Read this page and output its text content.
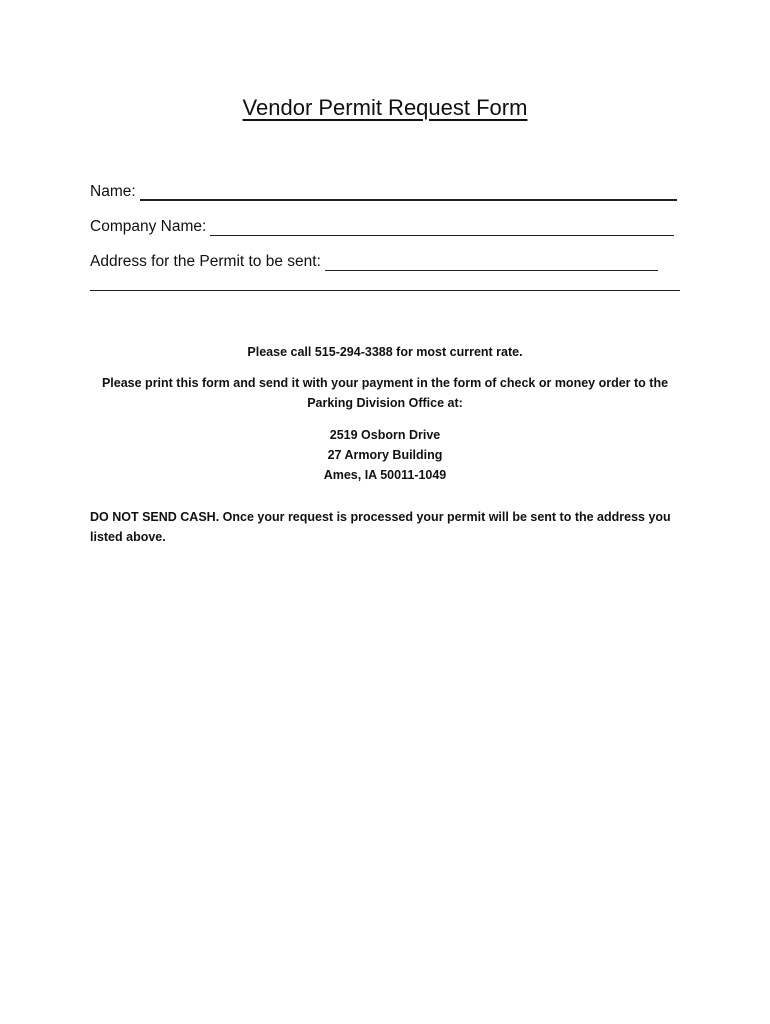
Vendor Permit Request Form
Name:
Company Name:
Address for the Permit to be sent:
Please call 515-294-3388 for most current rate.
Please print this form and send it with your payment in the form of check or money order to the Parking Division Office at:
2519 Osborn Drive
27 Armory Building
Ames, IA 50011-1049
DO NOT SEND CASH. Once your request is processed your permit will be sent to the address you listed above.
